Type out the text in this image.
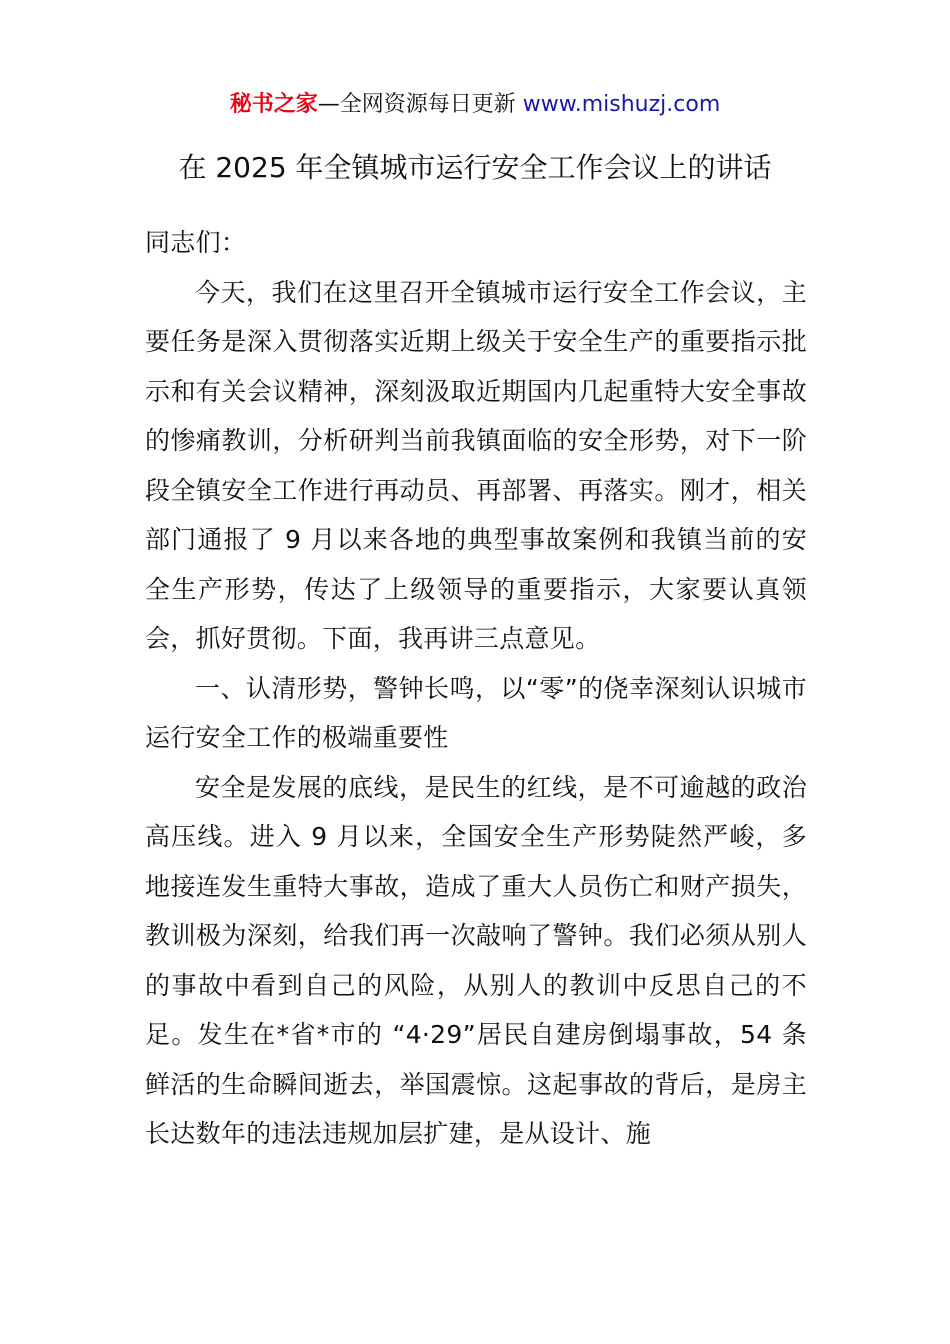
秘书之家—全网资源每日更新 www.mishuzj.com
在 2025 年全镇城市运行安全工作会议上的讲话

同志们：

今天，我们在这里召开全镇城市运行安全工作会议，主要任务是深入贯彻落实近期上级关于安全生产的重要指示批示和有关会议精神，深刻汲取近期国内几起重特大安全事故的惨痛教训，分析研判当前我镇面临的安全形势，对下一阶段全镇安全工作进行再动员、再部署、再落实。刚才，相关部门通报了 9 月以来各地的典型事故案例和我镇当前的安全生产形势，传达了上级领导的重要指示，大家要认真领会，抓好贯彻。下面，我再讲三点意见。

一、认清形势，警钟长鸣，以“零”的侥幸深刻认识城市运行安全工作的极端重要性

安全是发展的底线，是民生的红线，是不可逾越的政治高压线。进入 9 月以来，全国安全生产形势陡然严峻，多地接连发生重特大事故，造成了重大人员伤亡和财产损失，教训极为深刻，给我们再一次敲响了警钟。我们必须从别人的事故中看到自己的风险，从别人的教训中反思自己的不足。发生在*省*市的 “4·29”居民自建房倒塌事故，54 条鲜活的生命瞬间逝去，举国震惊。这起事故的背后，是房主长达数年的违法违规加层扩建，是从设计、施
